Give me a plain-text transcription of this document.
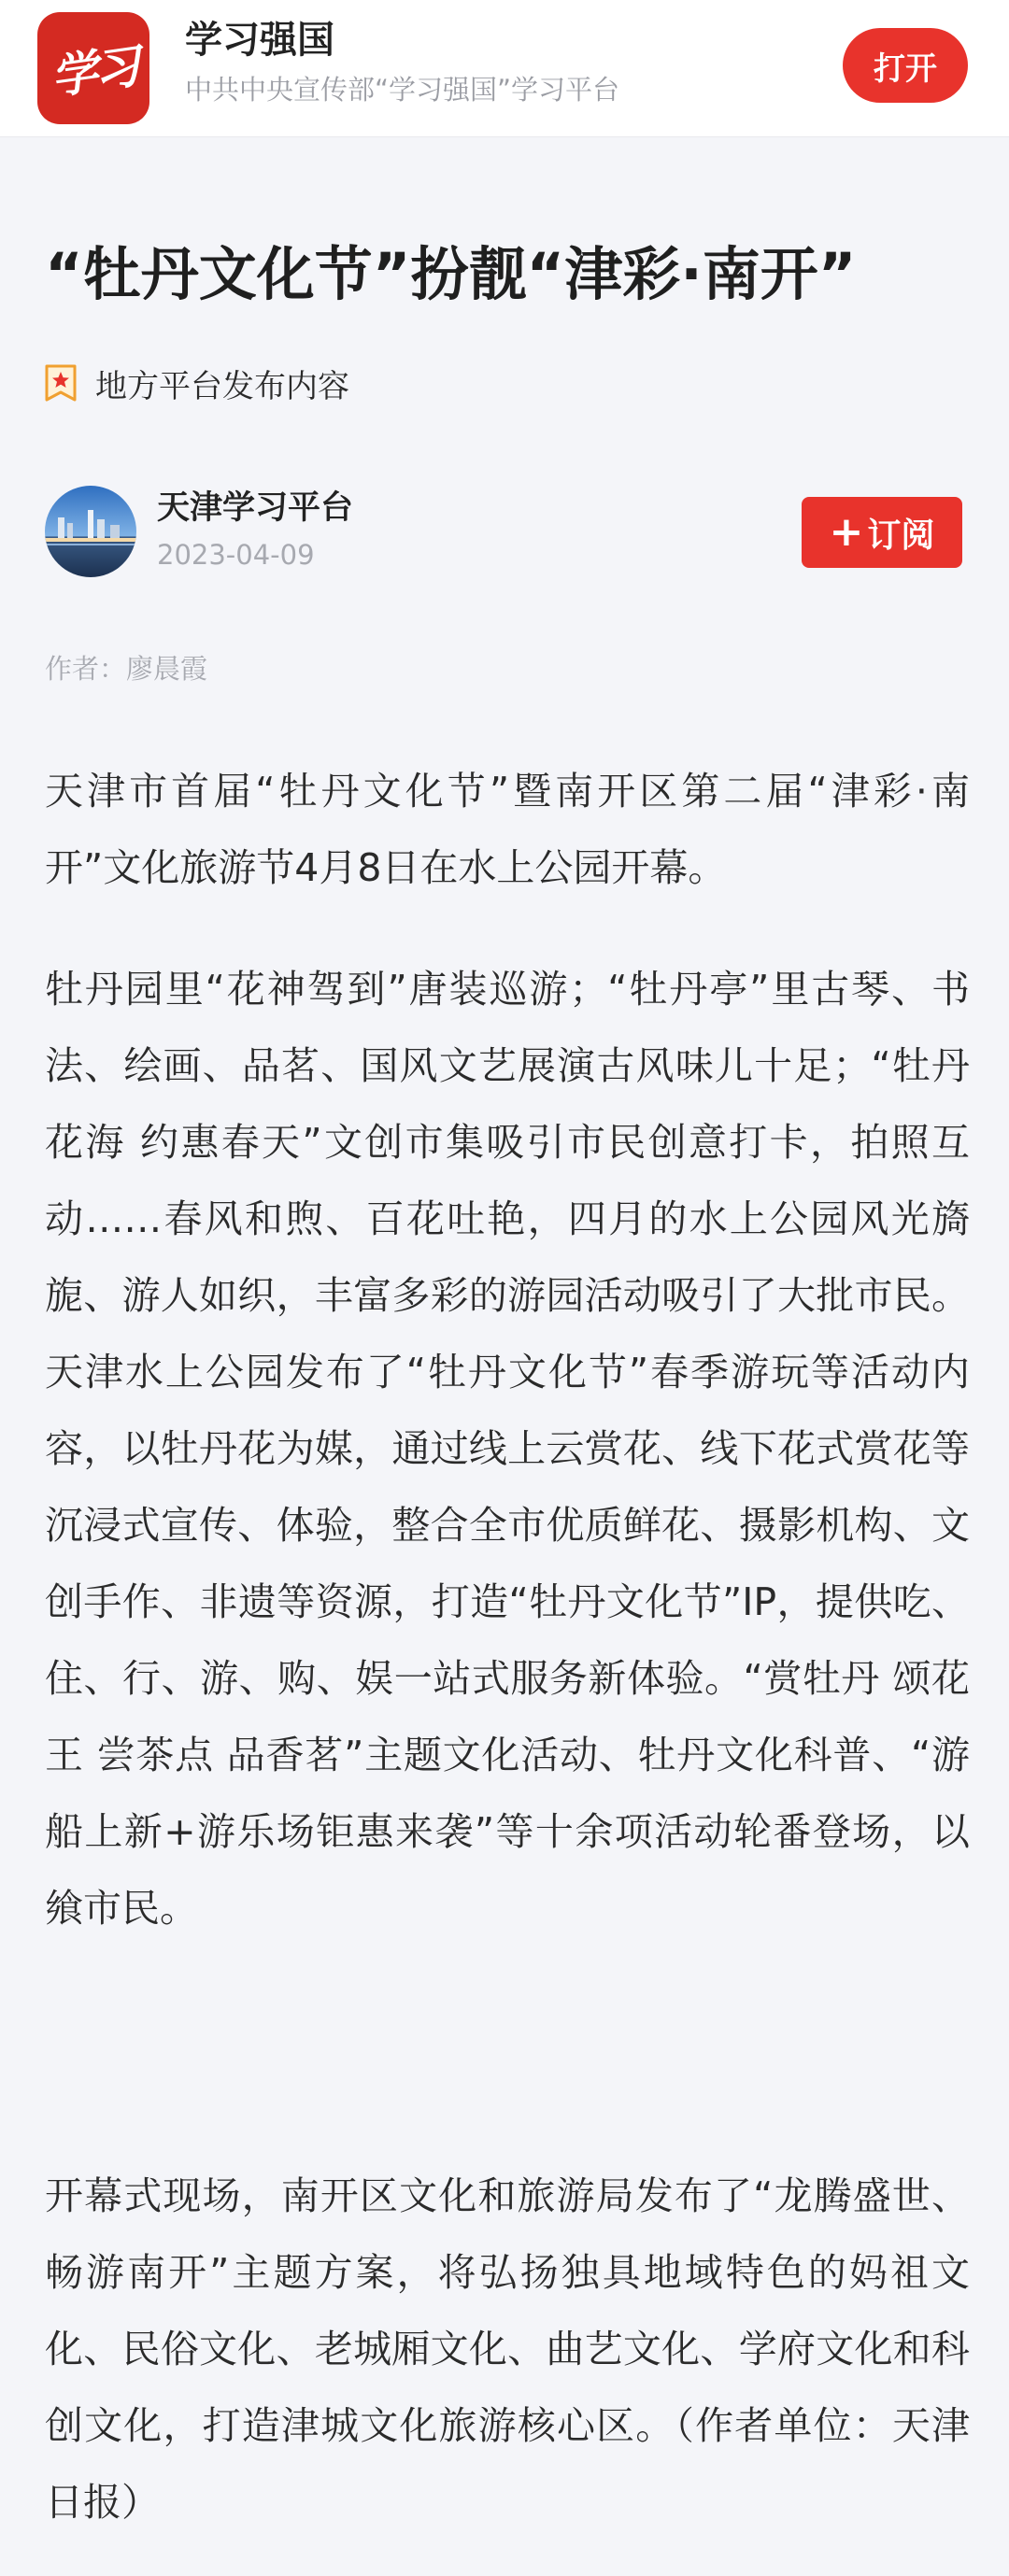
学习 学习强国
中共中央宣传部“学习强国”学习平台
打开
“牡丹文化节”扮靓“津彩·南开”
地方平台发布内容
天津学习平台
2023-04-09	+ 订阅
作者：廖晨霞

天津市首届“牡丹文化节”暨南开区第二届“津彩·南开”文化旅游节4月8日在水上公园开幕。

牡丹园里“花神驾到”唐装巡游；“牡丹亭”里古琴、书法、绘画、品茗、国风文艺展演古风味儿十足；“牡丹花海 约惠春天”文创市集吸引市民创意打卡，拍照互动……春风和煦、百花吐艳，四月的水上公园风光旖旎、游人如织，丰富多彩的游园活动吸引了大批市民。天津水上公园发布了“牡丹文化节”春季游玩等活动内容，以牡丹花为媒，通过线上云赏花、线下花式赏花等沉浸式宣传、体验，整合全市优质鲜花、摄影机构、文创手作、非遗等资源，打造“牡丹文化节”IP，提供吃、住、行、游、购、娱一站式服务新体验。“赏牡丹 颂花王 尝茶点 品香茗”主题文化活动、牡丹文化科普、“游船上新+游乐场钜惠来袭”等十余项活动轮番登场，以飨市民。

开幕式现场，南开区文化和旅游局发布了“龙腾盛世、畅游南开”主题方案，将弘扬独具地域特色的妈祖文化、民俗文化、老城厢文化、曲艺文化、学府文化和科创文化，打造津城文化旅游核心区。（作者单位：天津日报）
